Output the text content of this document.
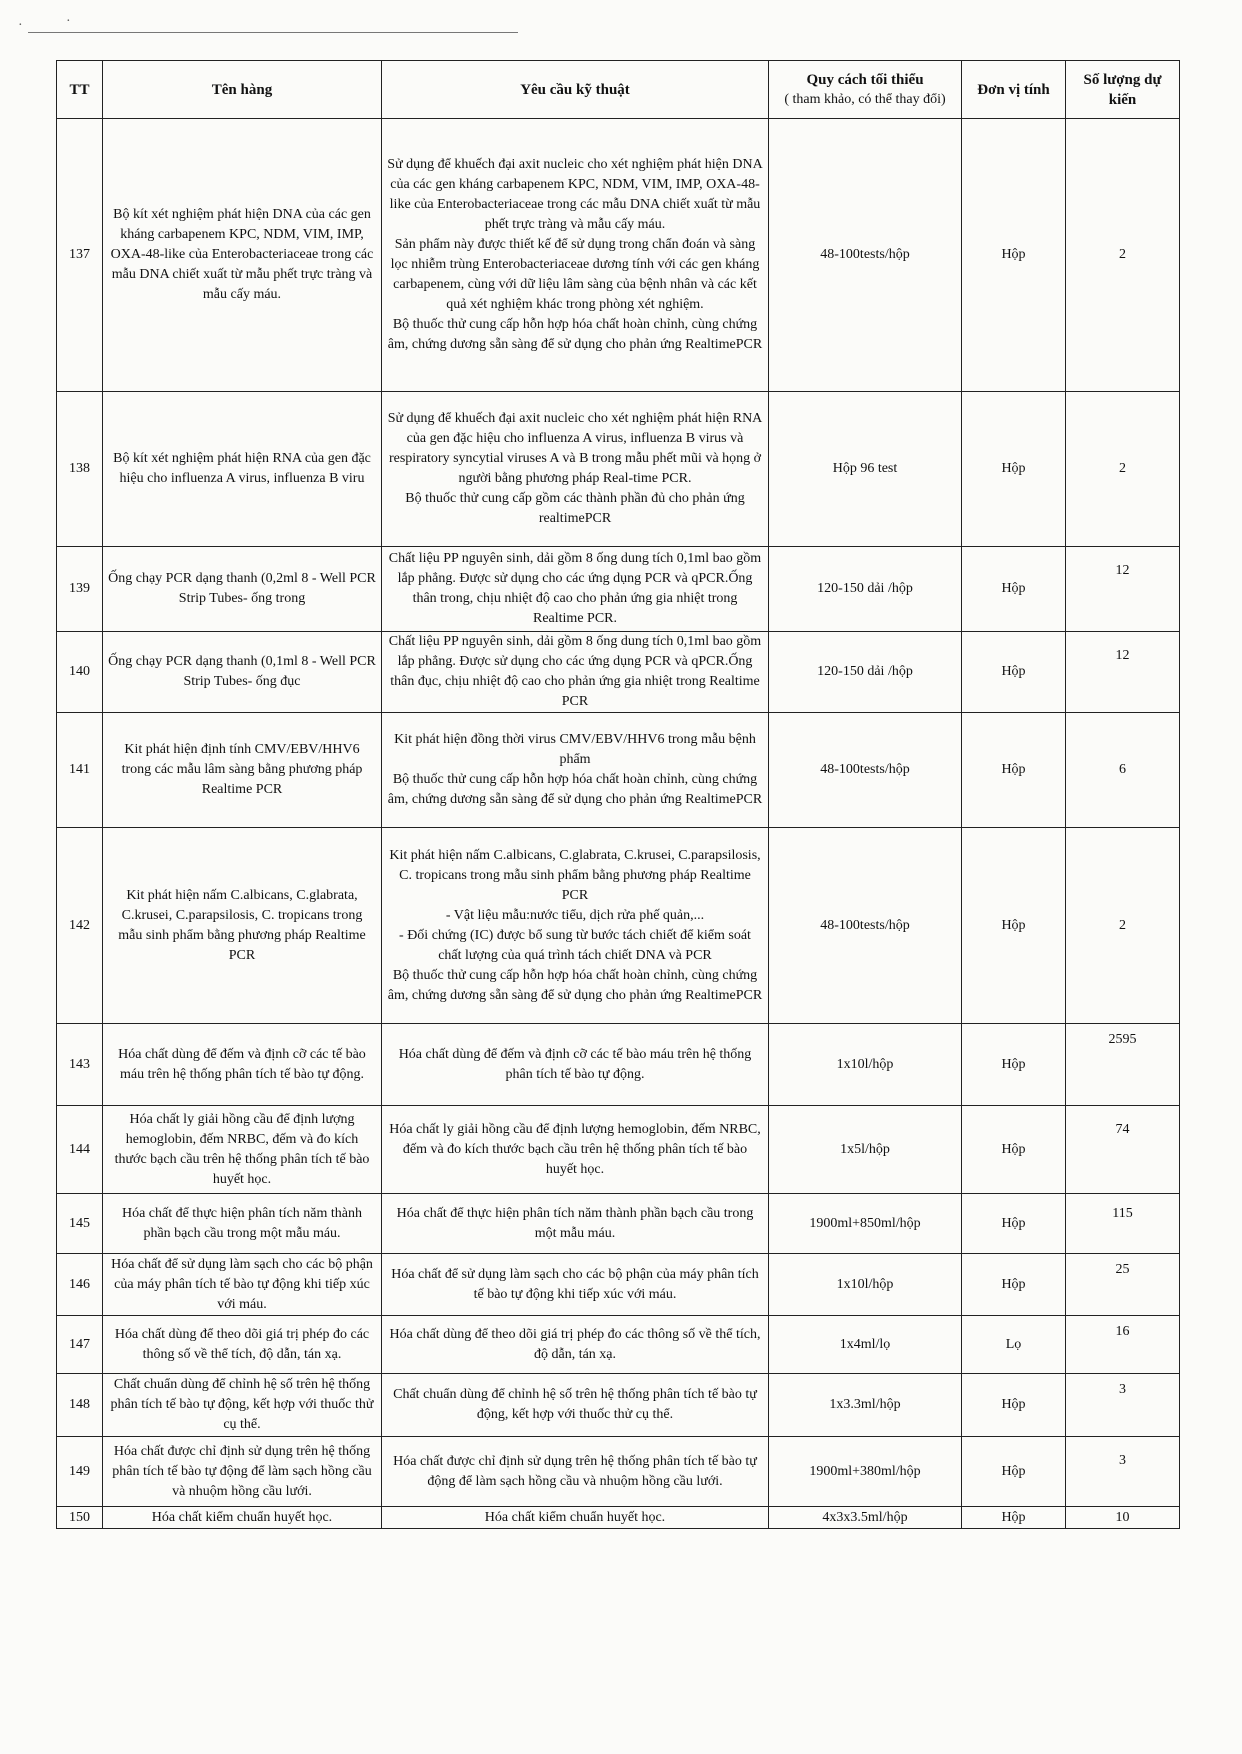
·	·
TT	Tên hàng	Yêu cầu kỹ thuật	Quy cách tối thiểu
( tham khảo, có thể thay đổi)	Đơn vị tính	Số lượng dự kiến
137	Bộ kít xét nghiệm phát hiện DNA của các gen kháng carbapenem KPC, NDM, VIM, IMP, OXA-48-like của Enterobacteriaceae trong các mẫu DNA chiết xuất từ mẫu phết trực tràng và mẫu cấy máu.	Sử dụng để khuếch đại axit nucleic cho xét nghiệm phát hiện DNA của các gen kháng carbapenem KPC, NDM, VIM, IMP, OXA-48-like của Enterobacteriaceae trong các mẫu DNA chiết xuất từ mẫu phết trực tràng và mẫu cấy máu.
Sản phẩm này được thiết kế để sử dụng trong chẩn đoán và sàng lọc nhiễm trùng Enterobacteriaceae dương tính với các gen kháng carbapenem, cùng với dữ liệu lâm sàng của bệnh nhân và các kết quả xét nghiệm khác trong phòng xét nghiệm.
Bộ thuốc thử cung cấp hỗn hợp hóa chất hoàn chỉnh, cùng chứng âm, chứng dương sẵn sàng để sử dụng cho phản ứng RealtimePCR	48-100tests/hộp	Hộp	2
138	Bộ kít xét nghiệm phát hiện RNA của gen đặc hiệu cho influenza A virus, influenza B viru	Sử dụng để khuếch đại axit nucleic cho xét nghiệm phát hiện RNA của gen đặc hiệu cho influenza A virus, influenza B virus và respiratory syncytial viruses A và B trong mẫu phết mũi và họng ở người bằng phương pháp Real-time PCR.
Bộ thuốc thử cung cấp gồm các thành phần đủ cho phản ứng realtimePCR	Hộp 96 test	Hộp	2
139	Ống chạy PCR dạng thanh (0,2ml 8 - Well PCR Strip Tubes- ống trong	Chất liệu PP nguyên sinh, dải gồm 8 ống dung tích 0,1ml bao gồm lắp phẳng. Được sử dụng cho các ứng dụng PCR và qPCR.Ống thân trong, chịu nhiệt độ cao cho phản ứng gia nhiệt trong Realtime PCR.	120-150 dải /hộp	Hộp	12
140	Ống chạy PCR dạng thanh (0,1ml 8 - Well PCR Strip Tubes- ống đục	Chất liệu PP nguyên sinh, dải gồm 8 ống dung tích 0,1ml bao gồm lắp phẳng. Được sử dụng cho các ứng dụng PCR và qPCR.Ống thân đục, chịu nhiệt độ cao cho phản ứng gia nhiệt trong Realtime PCR	120-150 dải /hộp	Hộp	12
141	Kit phát hiện định tính CMV/EBV/HHV6 trong các mẫu lâm sàng bằng phương pháp Realtime PCR	Kit phát hiện đồng thời virus CMV/EBV/HHV6 trong mẫu bệnh phẩm
Bộ thuốc thử cung cấp hỗn hợp hóa chất hoàn chỉnh, cùng chứng âm, chứng dương sẵn sàng để sử dụng cho phản ứng RealtimePCR	48-100tests/hộp	Hộp	6
142	Kit phát hiện nấm C.albicans, C.glabrata, C.krusei, C.parapsilosis, C. tropicans trong mẫu sinh phẩm bằng phương pháp Realtime PCR	Kit phát hiện nấm C.albicans, C.glabrata, C.krusei, C.parapsilosis, C. tropicans trong mẫu sinh phẩm bằng phương pháp Realtime PCR
- Vật liệu mẫu:nước tiểu, dịch rửa phế quản,...
- Đối chứng (IC) được bổ sung từ bước tách chiết để kiểm soát chất lượng của quá trình tách chiết DNA và PCR
Bộ thuốc thử cung cấp hỗn hợp hóa chất hoàn chỉnh, cùng chứng âm, chứng dương sẵn sàng để sử dụng cho phản ứng RealtimePCR	48-100tests/hộp	Hộp	2
143	Hóa chất dùng để đếm và định cỡ các tế bào máu trên hệ thống phân tích tế bào tự động.	Hóa chất dùng để đếm và định cỡ các tế bào máu trên hệ thống phân tích tế bào tự động.	1x10l/hộp	Hộp	2595
144	Hóa chất ly giải hồng cầu để định lượng hemoglobin, đếm NRBC, đếm và đo kích thước bạch cầu trên hệ thống phân tích tế bào huyết học.	Hóa chất ly giải hồng cầu để định lượng hemoglobin, đếm NRBC, đếm và đo kích thước bạch cầu trên hệ thống phân tích tế bào huyết học.	1x5l/hộp	Hộp	74
145	Hóa chất để thực hiện phân tích năm thành phần bạch cầu trong một mẫu máu.	Hóa chất để thực hiện phân tích năm thành phần bạch cầu trong một mẫu máu.	1900ml+850ml/hộp	Hộp	115
146	Hóa chất để sử dụng làm sạch cho các bộ phận của máy phân tích tế bào tự động khi tiếp xúc với máu.	Hóa chất để sử dụng làm sạch cho các bộ phận của máy phân tích tế bào tự động khi tiếp xúc với máu.	1x10l/hộp	Hộp	25
147	Hóa chất dùng để theo dõi giá trị phép đo các thông số về thể tích, độ dẫn, tán xạ.	Hóa chất dùng để theo dõi giá trị phép đo các thông số về thể tích, độ dẫn, tán xạ.	1x4ml/lọ	Lọ	16
148	Chất chuẩn dùng để chỉnh hệ số trên hệ thống phân tích tế bào tự động, kết hợp với thuốc thử cụ thể.	Chất chuẩn dùng để chỉnh hệ số trên hệ thống phân tích tế bào tự động, kết hợp với thuốc thử cụ thể.	1x3.3ml/hộp	Hộp	3
149	Hóa chất được chỉ định sử dụng trên hệ thống phân tích tế bào tự động để làm sạch hồng cầu và nhuộm hồng cầu lưới.	Hóa chất được chỉ định sử dụng trên hệ thống phân tích tế bào tự động để làm sạch hồng cầu và nhuộm hồng cầu lưới.	1900ml+380ml/hộp	Hộp	3
150	Hóa chất kiểm chuẩn huyết học.	Hóa chất kiểm chuẩn huyết học.	4x3x3.5ml/hộp	Hộp	10
